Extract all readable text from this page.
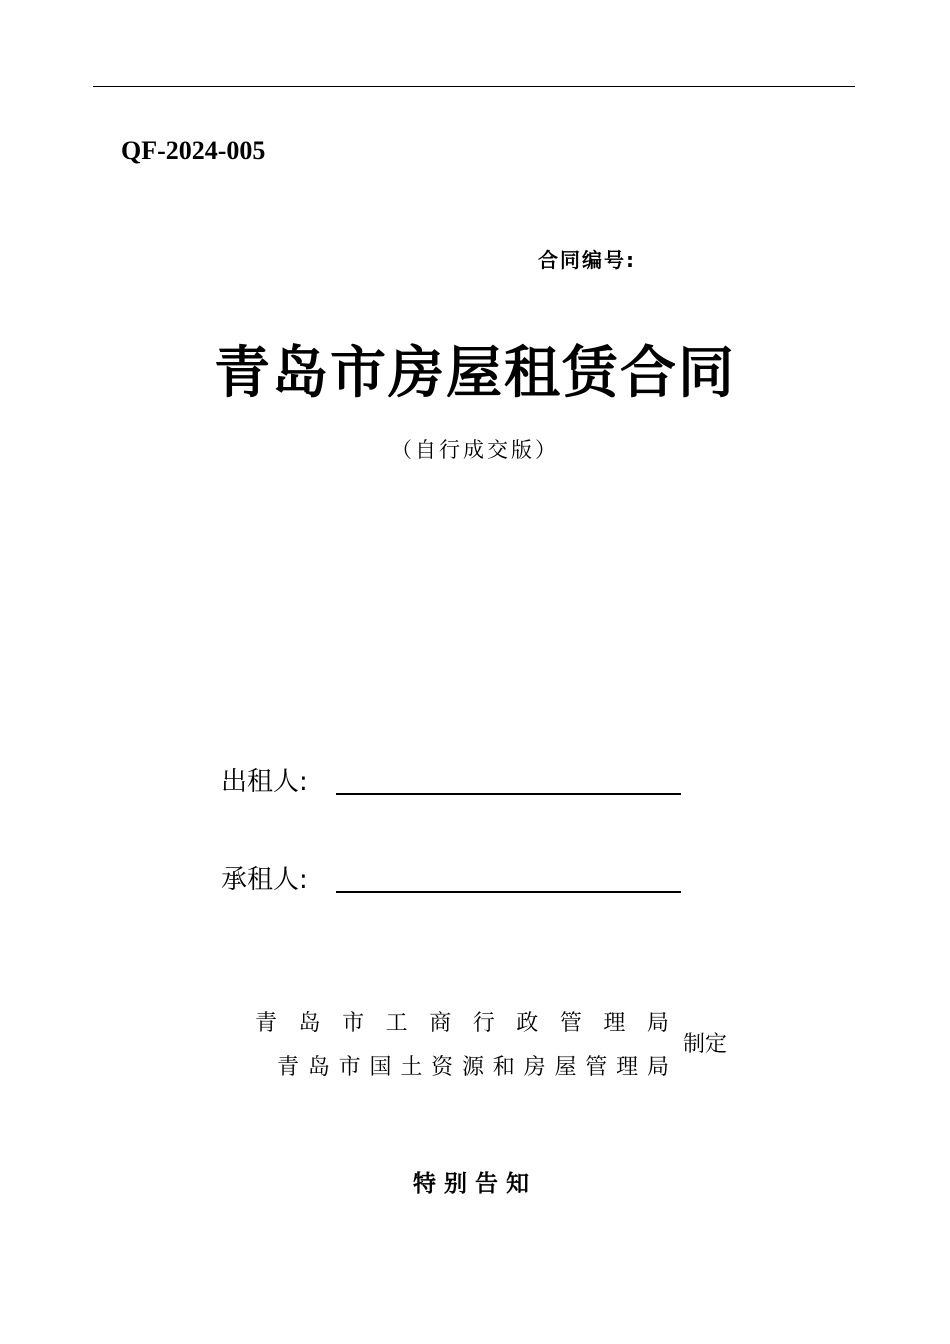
QF-2024-005
合同编号:
青岛市房屋租赁合同
（自行成交版）
出租人:
承租人:
青 岛 市 工 商 行 政 管 理 局
青 岛 市 国 土 资 源 和 房 屋 管 理 局
制定
特别告知
